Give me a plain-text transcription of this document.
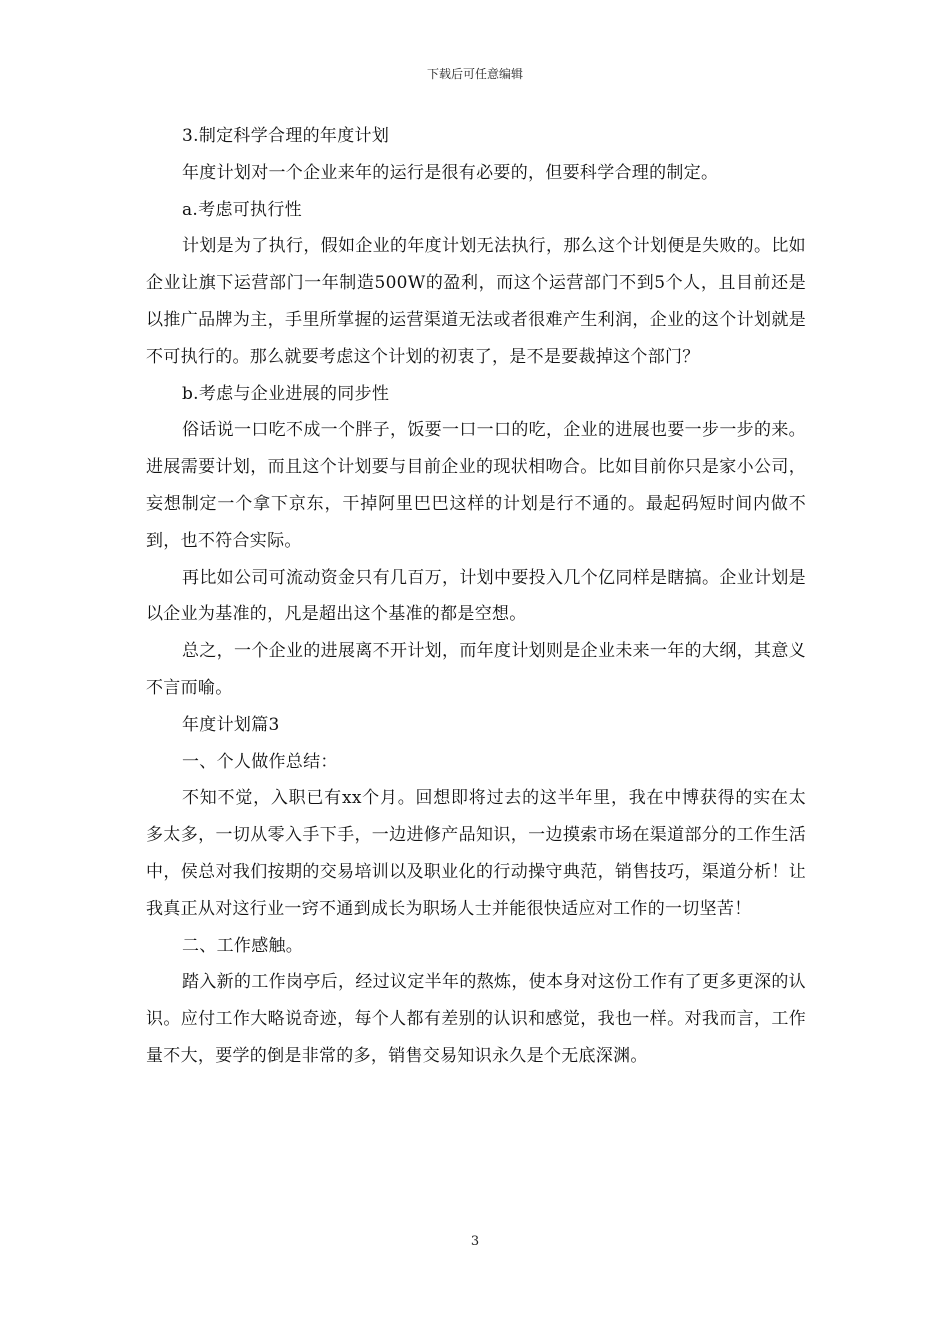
下载后可任意编辑

3.制定科学合理的年度计划

年度计划对一个企业来年的运行是很有必要的，但要科学合理的制定。

a.考虑可执行性

计划是为了执行，假如企业的年度计划无法执行，那么这个计划便是失败的。比如企业让旗下运营部门一年制造500W的盈利，而这个运营部门不到5个人，且目前还是以推广品牌为主，手里所掌握的运营渠道无法或者很难产生利润，企业的这个计划就是不可执行的。那么就要考虑这个计划的初衷了，是不是要裁掉这个部门？

b.考虑与企业进展的同步性

俗话说一口吃不成一个胖子，饭要一口一口的吃，企业的进展也要一步一步的来。进展需要计划，而且这个计划要与目前企业的现状相吻合。比如目前你只是家小公司，妄想制定一个拿下京东，干掉阿里巴巴这样的计划是行不通的。最起码短时间内做不到，也不符合实际。

再比如公司可流动资金只有几百万，计划中要投入几个亿同样是瞎搞。企业计划是以企业为基准的，凡是超出这个基准的都是空想。

总之，一个企业的进展离不开计划，而年度计划则是企业未来一年的大纲，其意义不言而喻。

年度计划篇3

一、个人做作总结：

不知不觉，入职已有xx个月。回想即将过去的这半年里，我在中博获得的实在太多太多，一切从零入手下手，一边进修产品知识，一边摸索市场在渠道部分的工作生活中，侯总对我们按期的交易培训以及职业化的行动操守典范，销售技巧，渠道分析！让我真正从对这行业一窍不通到成长为职场人士并能很快适应对工作的一切坚苦！

二、工作感触。

踏入新的工作岗亭后，经过议定半年的熬炼，使本身对这份工作有了更多更深的认识。应付工作大略说奇迹，每个人都有差别的认识和感觉，我也一样。对我而言，工作量不大，要学的倒是非常的多，销售交易知识永久是个无底深渊。

3
